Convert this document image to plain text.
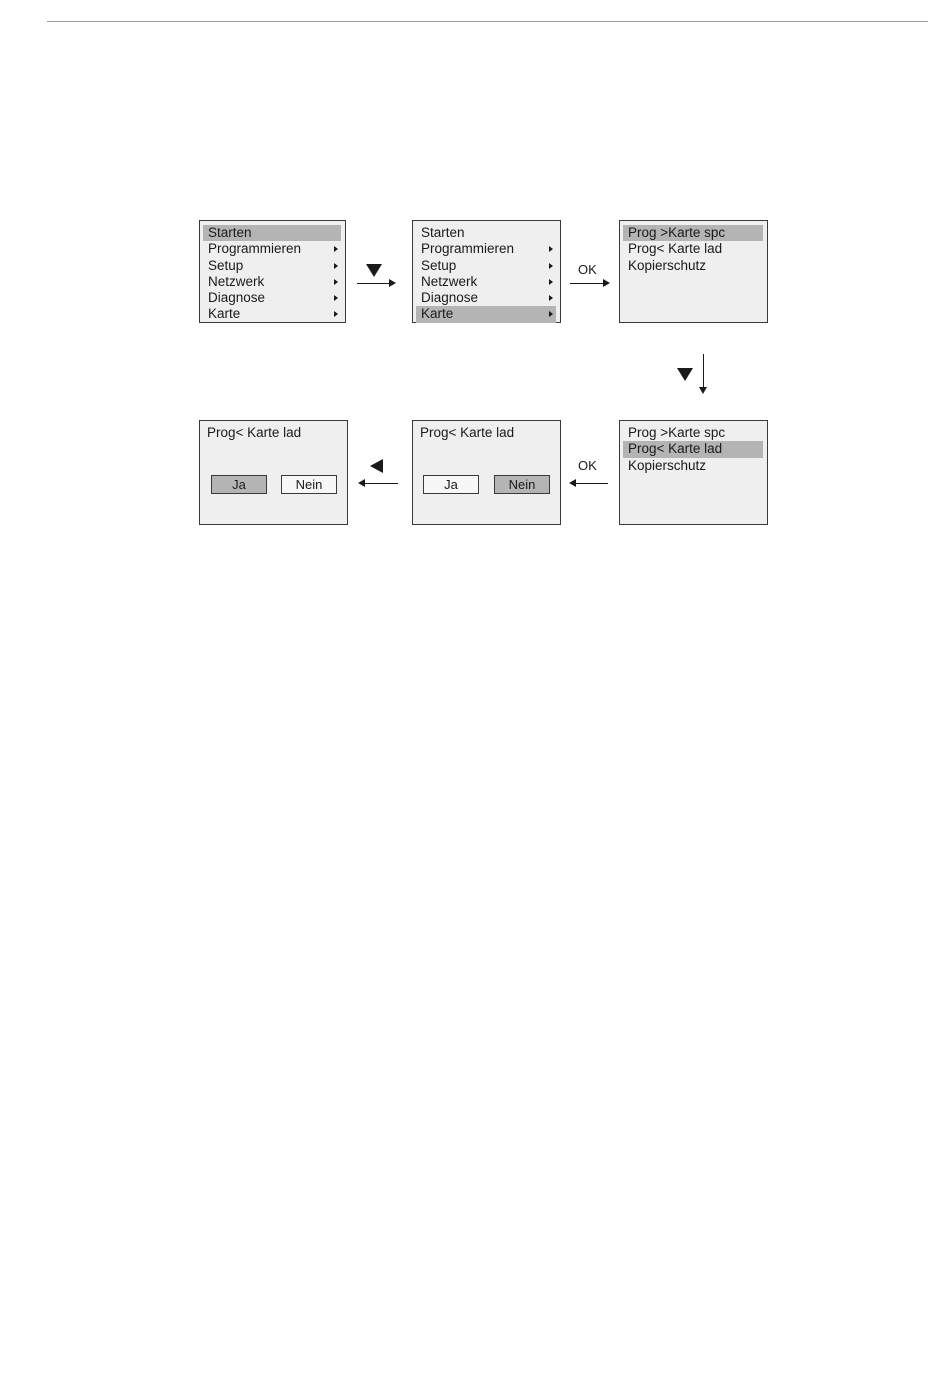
Starten
Programmieren
Setup
Netzwerk
Diagnose
Karte
Starten
Programmieren
Setup
Netzwerk
Diagnose
Karte
OK
Prog >Karte spc
Prog< Karte lad
Kopierschutz
Prog >Karte spc
Prog< Karte lad
Kopierschutz
OK
Prog< Karte lad
Ja	Nein
Prog< Karte lad
Ja	Nein
